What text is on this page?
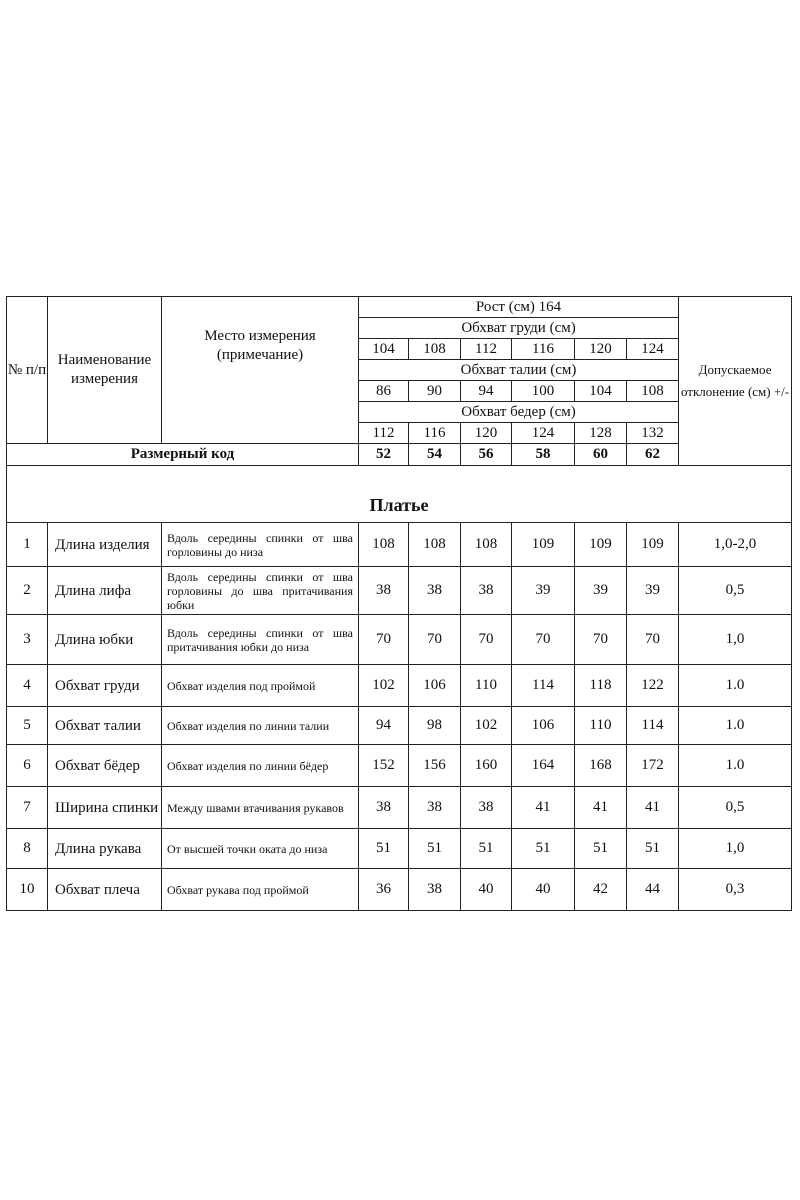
№ п/п	Наименование измерения	Место измерения (примечание)	Рост (см) 164						Допускаемое отклонение (см) +/-
			Обхват груди (см)						
			104	108	112	116	120	124	
			Обхват талии (см)						
			86	90	94	100	104	108	
			Обхват бедер (см)						
			112	116	120	124	128	132	
Размерный код			52	54	56	58	60	62	
Платье									
1	Длина изделия	Вдоль середины спинки от шва горловины до низа	108	108	108	109	109	109	1,0-2,0
2	Длина лифа	Вдоль середины спинки от шва горловины до шва притачивания юбки	38	38	38	39	39	39	0,5
3	Длина юбки	Вдоль середины спинки от шва притачивания юбки до низа	70	70	70	70	70	70	1,0
4	Обхват груди	Обхват изделия под проймой	102	106	110	114	118	122	1.0
5	Обхват талии	Обхват изделия по линии талии	94	98	102	106	110	114	1.0
6	Обхват бёдер	Обхват изделия по линии бёдер	152	156	160	164	168	172	1.0
7	Ширина спинки	Между швами втачивания рукавов	38	38	38	41	41	41	0,5
8	Длина рукава	От высшей точки оката до низа	51	51	51	51	51	51	1,0
10	Обхват плеча	Обхват рукава под проймой	36	38	40	40	42	44	0,3
